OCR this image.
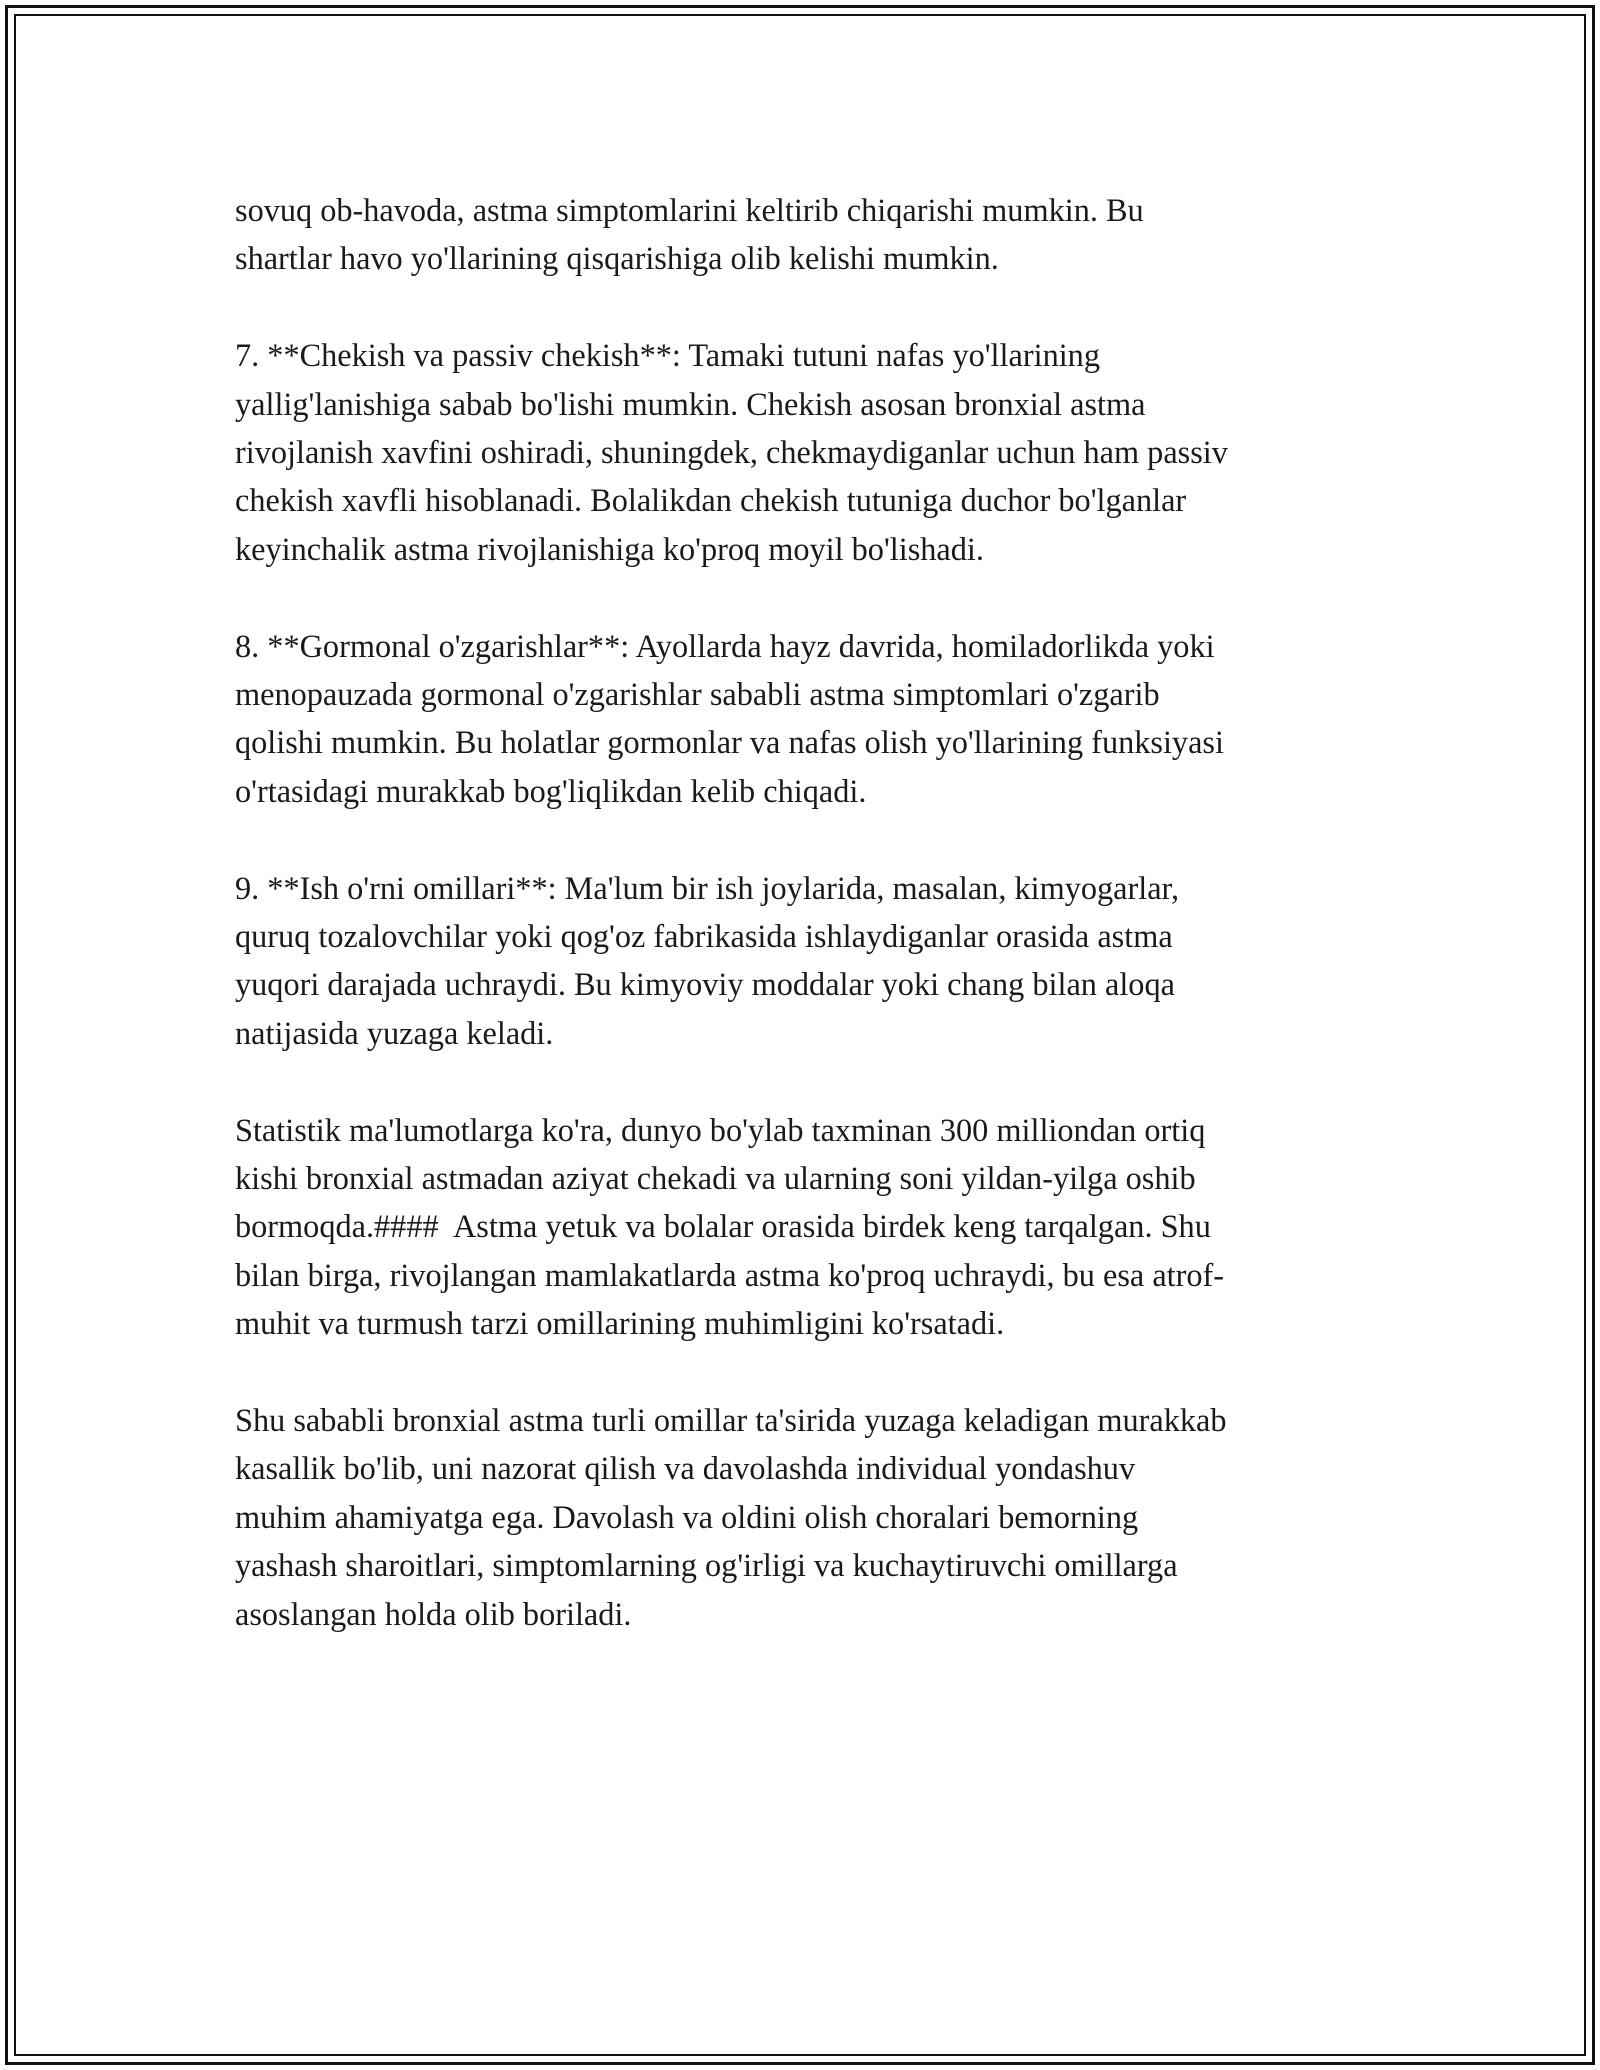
sovuq ob-havoda, astma simptomlarini keltirib chiqarishi mumkin. Bu
shartlar havo yo'llarining qisqarishiga olib kelishi mumkin.

7. **Chekish va passiv chekish**: Tamaki tutuni nafas yo'llarining
yallig'lanishiga sabab bo'lishi mumkin. Chekish asosan bronxial astma
rivojlanish xavfini oshiradi, shuningdek, chekmaydiganlar uchun ham passiv
chekish xavfli hisoblanadi. Bolalikdan chekish tutuniga duchor bo'lganlar
keyinchalik astma rivojlanishiga ko'proq moyil bo'lishadi.

8. **Gormonal o'zgarishlar**: Ayollarda hayz davrida, homiladorlikda yoki
menopauzada gormonal o'zgarishlar sababli astma simptomlari o'zgarib
qolishi mumkin. Bu holatlar gormonlar va nafas olish yo'llarining funksiyasi
o'rtasidagi murakkab bog'liqlikdan kelib chiqadi.

9. **Ish o'rni omillari**: Ma'lum bir ish joylarida, masalan, kimyogarlar,
quruq tozalovchilar yoki qog'oz fabrikasida ishlaydiganlar orasida astma
yuqori darajada uchraydi. Bu kimyoviy moddalar yoki chang bilan aloqa
natijasida yuzaga keladi.

Statistik ma'lumotlarga ko'ra, dunyo bo'ylab taxminan 300 milliondan ortiq
kishi bronxial astmadan aziyat chekadi va ularning soni yildan-yilga oshib
bormoqda.####  Astma yetuk va bolalar orasida birdek keng tarqalgan. Shu
bilan birga, rivojlangan mamlakatlarda astma ko'proq uchraydi, bu esa atrof-
muhit va turmush tarzi omillarining muhimligini ko'rsatadi.

Shu sababli bronxial astma turli omillar ta'sirida yuzaga keladigan murakkab
kasallik bo'lib, uni nazorat qilish va davolashda individual yondashuv
muhim ahamiyatga ega. Davolash va oldini olish choralari bemorning
yashash sharoitlari, simptomlarning og'irligi va kuchaytiruvchi omillarga
asoslangan holda olib boriladi.
